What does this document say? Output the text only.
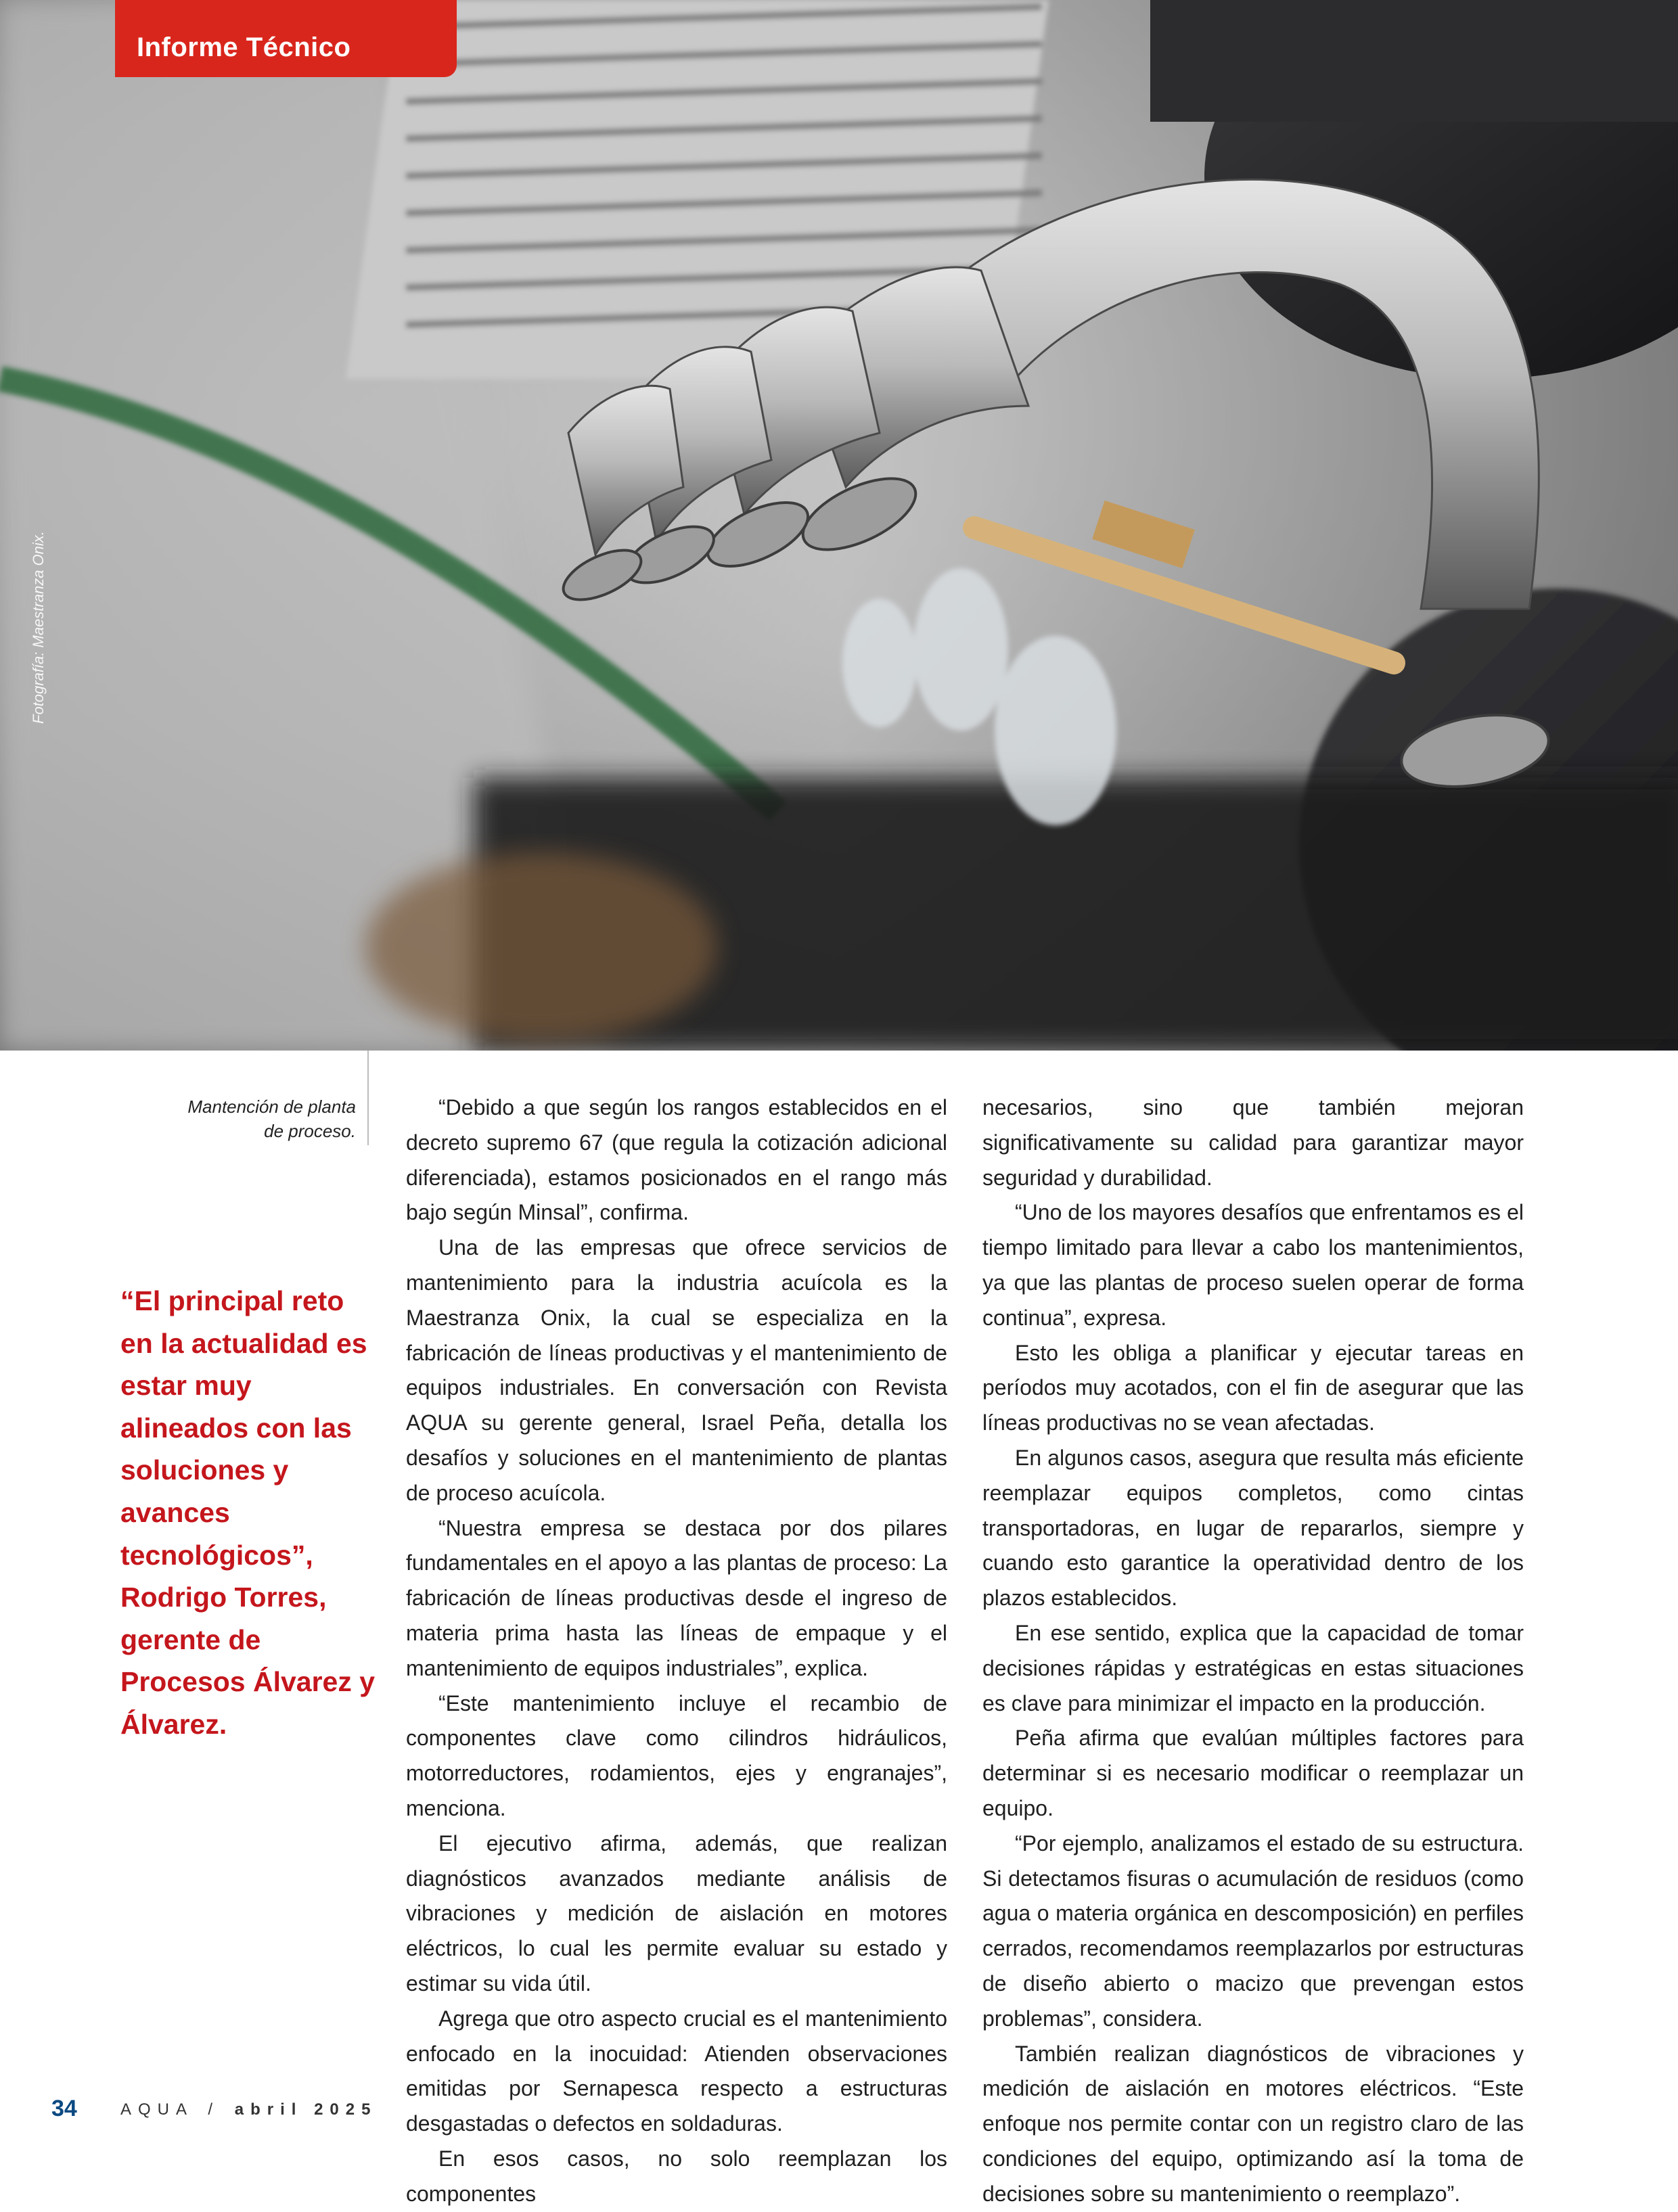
Informe Técnico
Fotografía: Maestranza Onix.
Mantención de planta
de proceso.
“El principal reto en la actualidad es estar muy alineados con las soluciones y avances tecnológicos”, Rodrigo Torres, gerente de Procesos Álvarez y Álvarez.

“Debido a que según los rangos establecidos en el decreto supremo 67 (que regula la cotización adicional diferenciada), estamos posicionados en el rango más bajo según Minsal”, confirma.

Una de las empresas que ofrece servicios de mantenimiento para la industria acuícola es la Maestranza Onix, la cual se especializa en la fabricación de líneas productivas y el mantenimiento de equipos industriales. En conversación con Revista AQUA su gerente general, Israel Peña, detalla los desafíos y soluciones en el mantenimiento de plantas de proceso acuícola.

“Nuestra empresa se destaca por dos pilares fundamentales en el apoyo a las plantas de proceso: La fabricación de líneas productivas desde el ingreso de materia prima hasta las líneas de empaque y el mantenimiento de equipos industriales”, explica.

“Este mantenimiento incluye el recambio de componentes clave como cilindros hidráulicos, motorreductores, rodamientos, ejes y engranajes”, menciona.

El ejecutivo afirma, además, que realizan diagnósticos avanzados mediante análisis de vibraciones y medición de aislación en motores eléctricos, lo cual les permite evaluar su estado y estimar su vida útil.

Agrega que otro aspecto crucial es el mantenimiento enfocado en la inocuidad: Atienden observaciones emitidas por Sernapesca respecto a estructuras desgastadas o defectos en soldaduras.

En esos casos, no solo reemplazan los componentes

necesarios, sino que también mejoran significativamente su calidad para garantizar mayor seguridad y durabilidad.

“Uno de los mayores desafíos que enfrentamos es el tiempo limitado para llevar a cabo los mantenimientos, ya que las plantas de proceso suelen operar de forma continua”, expresa.

Esto les obliga a planificar y ejecutar tareas en períodos muy acotados, con el fin de asegurar que las líneas productivas no se vean afectadas.

En algunos casos, asegura que resulta más eficiente reemplazar equipos completos, como cintas transportadoras, en lugar de repararlos, siempre y cuando esto garantice la operatividad dentro de los plazos establecidos.

En ese sentido, explica que la capacidad de tomar decisiones rápidas y estratégicas en estas situaciones es clave para minimizar el impacto en la producción.

Peña afirma que evalúan múltiples factores para determinar si es necesario modificar o reemplazar un equipo.

“Por ejemplo, analizamos el estado de su estructura. Si detectamos fisuras o acumulación de residuos (como agua o materia orgánica en descomposición) en perfiles cerrados, recomendamos reemplazarlos por estructuras de diseño abierto o macizo que prevengan estos problemas”, considera.

También realizan diagnósticos de vibraciones y medición de aislación en motores eléctricos. “Este enfoque nos permite contar con un registro claro de las condiciones del equipo, optimizando así la toma de decisiones sobre su mantenimiento o reemplazo”.

34	AQUA / abril 2025
